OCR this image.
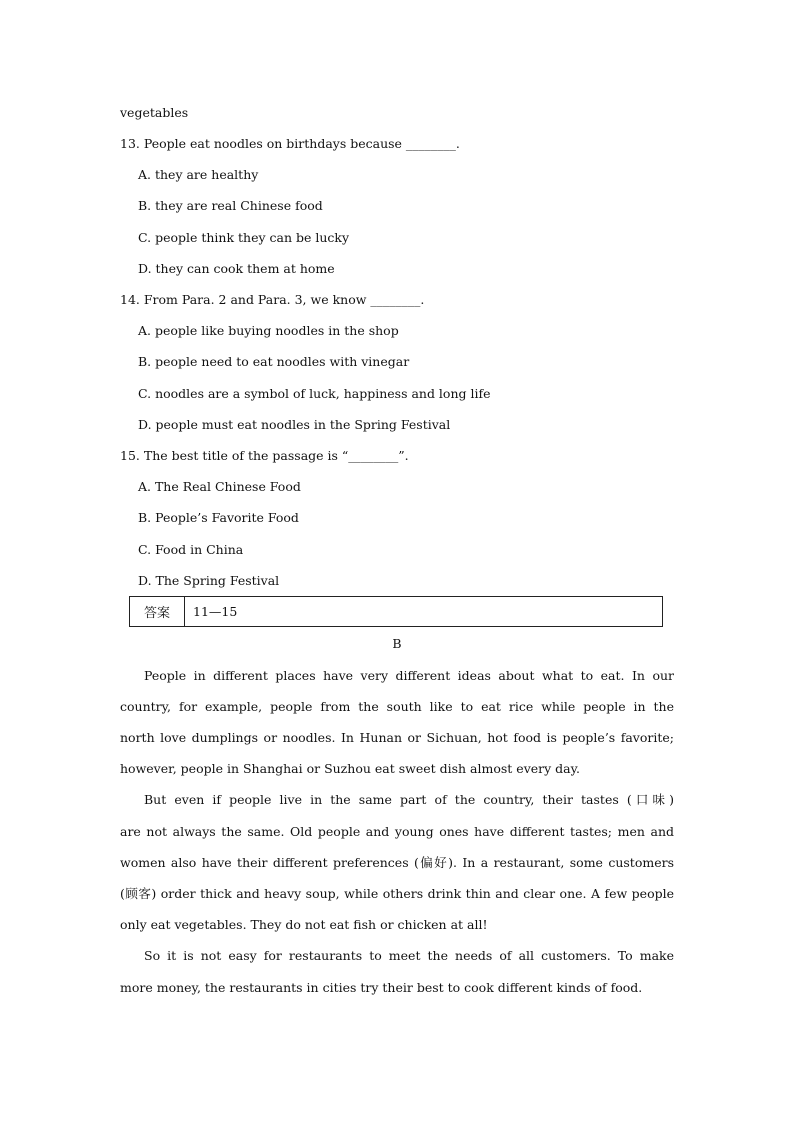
vegetables
13. People eat noodles on birthdays because ________.
A. they are healthy
B. they are real Chinese food
C. people think they can be lucky
D. they can cook them at home
14. From Para. 2 and Para. 3, we know ________.
A. people like buying noodles in the shop
B. people need to eat noodles with vinegar
C. noodles are a symbol of luck, happiness and long life
D. people must eat noodles in the Spring Festival
15. The best title of the passage is “________”.
A. The Real Chinese Food
B. People’s Favorite Food
C. Food in China
D. The Spring Festival
答案	11—15
B
People in different places have very different ideas about what to eat. In our
country, for example, people from the south like to eat rice while people in the
north love dumplings or noodles. In Hunan or Sichuan, hot food is people’s favorite;
however, people in Shanghai or Suzhou eat sweet dish almost every day.
But even if people live in the same part of the country, their tastes (口味)
are not always the same. Old people and young ones have different tastes; men and
women also have their different preferences (偏好). In a restaurant, some customers
(顾客) order thick and heavy soup, while others drink thin and clear one. A few people
only eat vegetables. They do not eat fish or chicken at all!
So it is not easy for restaurants to meet the needs of all customers. To make
more money, the restaurants in cities try their best to cook different kinds of food.
